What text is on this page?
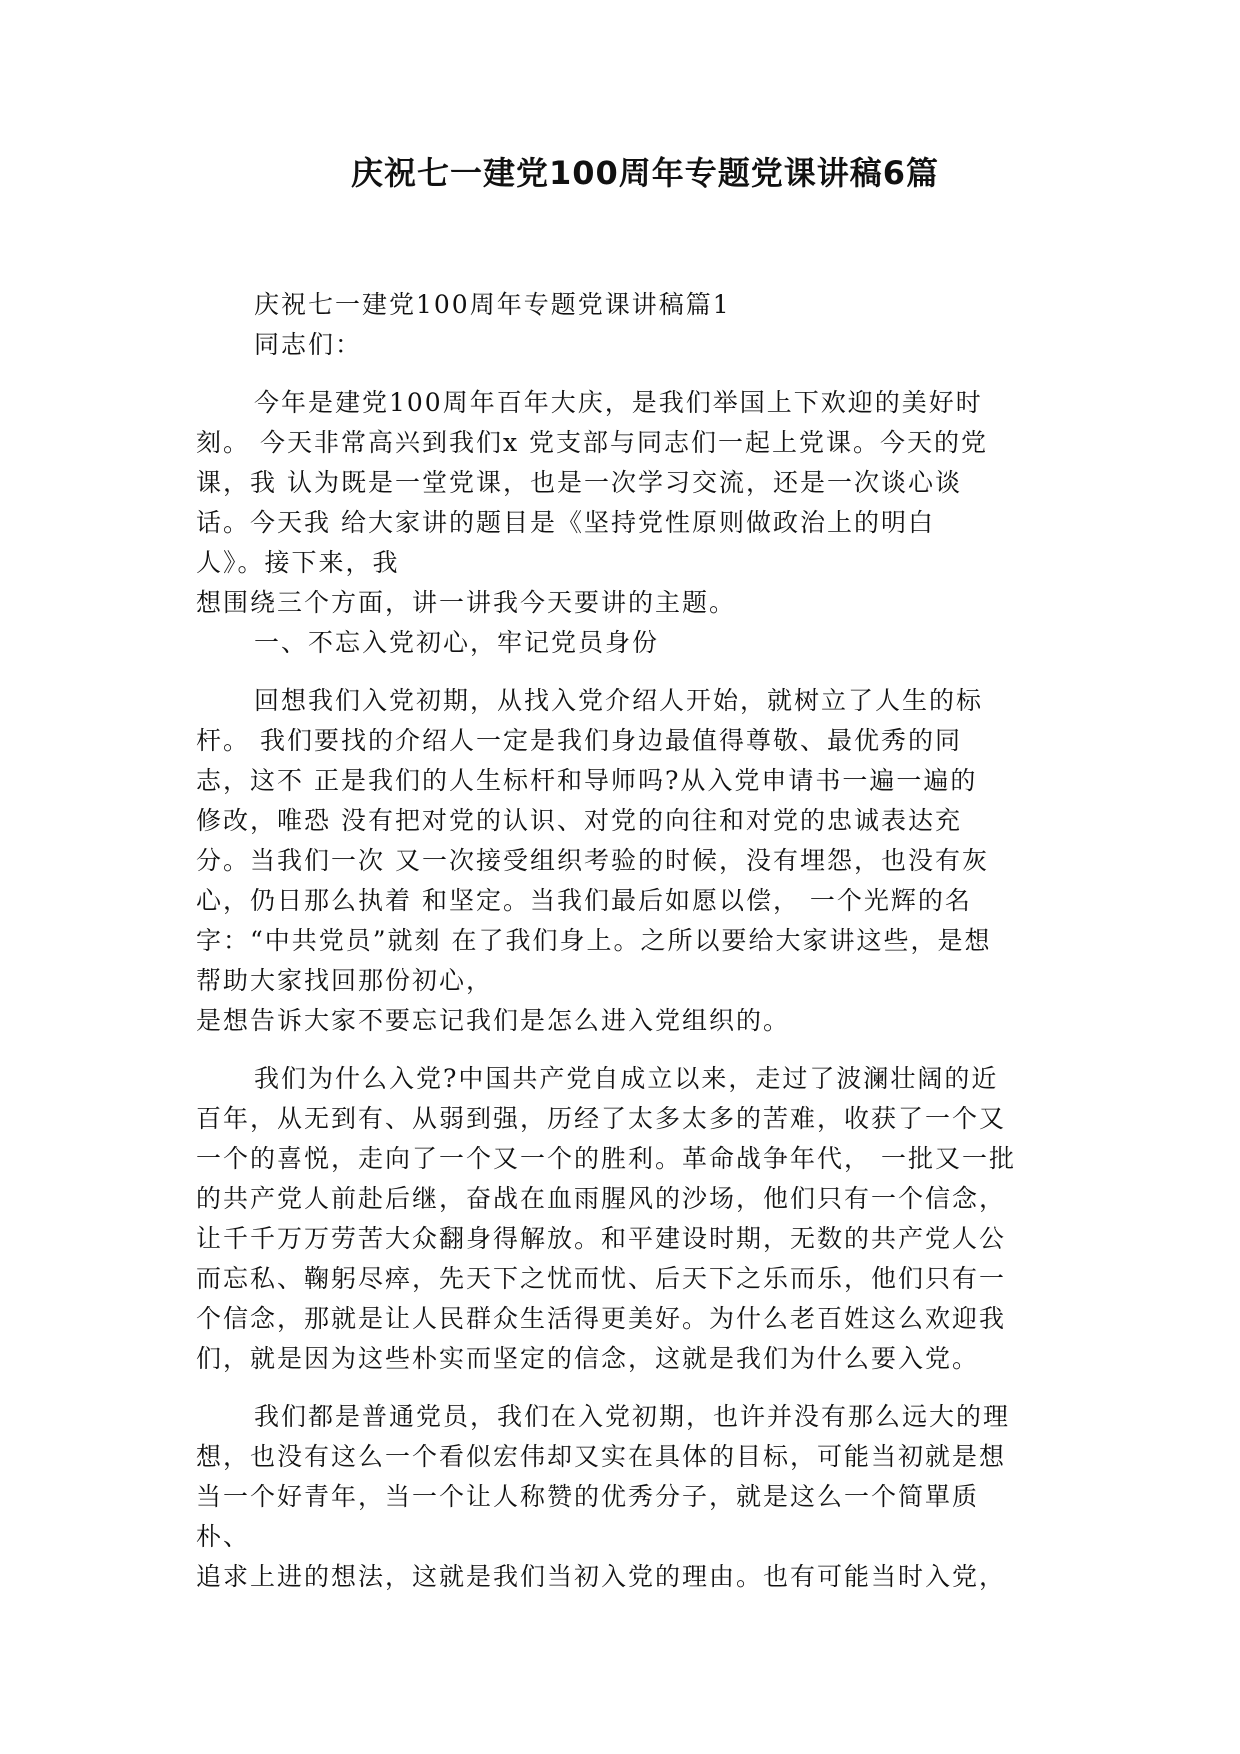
庆祝七一建党100周年专题党课讲稿6篇
庆祝七一建党100周年专题党课讲稿篇1
同志们：
今年是建党100周年百年大庆，是我们举国上下欢迎的美好时
刻。 今天非常高兴到我们x 党支部与同志们一起上党课。今天的党
课，我 认为既是一堂党课，也是一次学习交流，还是一次谈心谈
话。今天我 给大家讲的题目是《坚持党性原则做政治上的明白
人》。接下来，我
想围绕三个方面，讲一讲我今天要讲的主题。
一、不忘入党初心，牢记党员身份
回想我们入党初期，从找入党介绍人开始，就树立了人生的标
杆。 我们要找的介绍人一定是我们身边最值得尊敬、最优秀的同
志，这不 正是我们的人生标杆和导师吗?从入党申请书一遍一遍的
修改，唯恐 没有把对党的认识、对党的向往和对党的忠诚表达充
分。当我们一次 又一次接受组织考验的时候，没有埋怨，也没有灰
心，仍日那么执着 和坚定。当我们最后如愿以偿， 一个光辉的名
字：“中共党员”就刻 在了我们身上。之所以要给大家讲这些，是想
帮助大家找回那份初心，
是想告诉大家不要忘记我们是怎么进入党组织的。
我们为什么入党?中国共产党自成立以来，走过了波澜壮阔的近
百年，从无到有、从弱到强，历经了太多太多的苦难，收获了一个又
一个的喜悦，走向了一个又一个的胜利。革命战争年代， 一批又一批
的共产党人前赴后继，奋战在血雨腥风的沙场，他们只有一个信念，
让千千万万劳苦大众翻身得解放。和平建设时期，无数的共产党人公
而忘私、鞠躬尽瘁，先天下之忧而忧、后天下之乐而乐，他们只有一
个信念，那就是让人民群众生活得更美好。为什么老百姓这么欢迎我
们，就是因为这些朴实而坚定的信念，这就是我们为什么要入党。
我们都是普通党员，我们在入党初期，也许并没有那么远大的理
想，也没有这么一个看似宏伟却又实在具体的目标，可能当初就是想
当一个好青年，当一个让人称赞的优秀分子，就是这么一个简單质
朴、
追求上进的想法，这就是我们当初入党的理由。也有可能当时入党，
